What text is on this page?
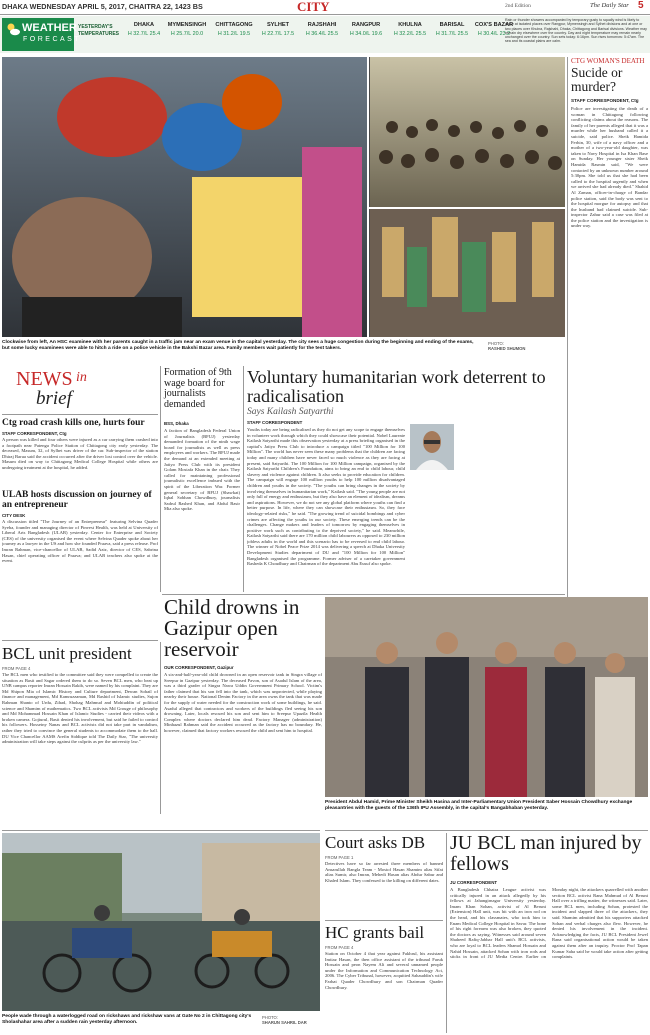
DHAKA WEDNESDAY APRIL 5, 2017, CHAITRA 22, 1423 BS	CITY	2nd Edition	The Daily Star 5
WEATHER
FORECAST
YESTERDAY'S TEMPERATURES
DHAKA
H 32.7/L 25.4
MYMENSINGH
H 25.7/L 20.0
CHITTAGONG
H 31.2/L 19.5
SYLHET
H 22.7/L 17.5
RAJSHAHI
H 36.4/L 25.5
RANGPUR
H 34.0/L 19.6
KHULNA
H 32.2/L 25.5
BARISAL
H 31.7/L 25.5
COX'S BAZAR
H 30.4/L 23.2
Rain or thunder showers accompanied by temporary gusty to squally wind is likely to occur at isolated places over Rangpur, Mymensingh and Sylhet divisions and at one or two places over Khulna, Rajshahi, Dhaka, Chittagong and Barisal divisions. Weather may remain dry elsewhere over the country. Day and night temperature may remain nearly unchanged over the country. Sun sets today: 6:16pm. Sun rises tomorrow: 5:47am. The sea and its coastal plains are calm.
Clockwise from left, An HSC examinee with her parents caught in a traffic jam near an exam venue in the capital yesterday. The city sees a huge congestion during the beginning and ending of the exams, but some lucky examinees were able to hitch a ride on a police vehicle in the Bakshi Bazar area. Family members wait patiently for the test takers.
PHOTO:
RASHED SHUMON
CTG WOMAN'S DEATH
Sucide or murder?
STAFF CORRESPONDENT, Ctg
Police are investigating the death of a woman in Chittagong following conflicting claims about the reasons. The family of her parents alleged that it was a murder while her husband called it a suicide, said police. Sheik Hamida Ferhin, 30, wife of a navy officer and a mother of a two-year-old daughter, was taken to Navy Hospital in Isa Khan Base on Sunday. Her younger sister Sheik Hamida Rasmin said, "We were contacted by an unknown number around 5:30pm. She told us that she had been called to the hospital urgently and when we arrived she had already died." Shahid Al Zaman, officer-in-charge of Bandar police station, said the body was sent to the hospital morgue for autopsy and that the husband had claimed suicide. Sub-inspector Zahur said a case was filed at the police station and the investigation is under way.
NEWS in
brief
Ctg road crash kills one, hurts four
STAFF CORRESPONDENT, Ctg
A person was killed and four others were injured as a car carrying them crashed into a footpath near Patenga Police Station of Chittagong city early yesterday. The deceased, Masum, 32, of Sylhet was driver of the car. Sub-inspector of the station Dhiraj Barua said the accident occurred after the driver lost control over the vehicle. Masum died on way to Chittagong Medical College Hospital while others are undergoing treatment at the hospital, he added.
ULAB hosts discussion on journey of an entrepreneur
CITY DESK
A discussion titled "The Journey of an Entrepreneur" featuring Selvina Quader Syeba, founder and managing director of Pinvest Health, was held at University of Liberal Arts Bangladesh (ULAB) yesterday. Center for Enterprise and Society (CES) of the university organised the event where Selvina Quader spoke about her journey as a lawyer in the US and how she founded Praava, said a press release. Prof Imran Rahman, vice-chancellor of ULAB, Sadid Aziz, director of CES, Sabrina Hasan, chief operating officer of Praava; and ULAB teachers also spoke at the event.
Formation of 9th wage board for journalists demanded
BSS, Dhaka
A faction of Bangladesh Federal Union of Journalists (BFUJ) yesterday demanded formation of the ninth wage board for journalists as well as press employees and workers. The BFUJ made the demand at an extended meeting at Jatiyo Press Club with its president Golam Mostafa Khan in the chair. They called for maintaining professional journalistic excellence imbued with the spirit of the Liberation War. Former general secretary of BFUJ (Shawkat) Iqbal Sobhan Chowdhury, journalists Sadrul Rashed Khan, and Abdul Basir Mia also spoke.
Voluntary humanitarian work deterrent to radicalisation
Says Kailash Satyarthi
STAFF CORRESPONDENT
Youths today are being radicalised as they do not get any scope to engage themselves in volunteer work through which they could showcase their potential. Nobel Laureate Kailash Satyarthi made this observation yesterday at a press briefing organised in the capital's Jatiyo Press Club to introduce a campaign titled "100 Million for 100 Million". The world has never seen these many problems that the children are facing today and many children have never faced so much violence as they are facing at present, said Satyarthi. The 100 Million for 100 Million campaign, organised by the Kailash Satyarthi Children's Foundation, aims to bring an end to child labour, child slavery and violence against children. It also seeks to provide education for children. The campaign will engage 100 million youths to help 100 million disadvantaged children and youths in the society. "The youths can bring changes in the society by involving themselves in humanitarian work," Kailash said. "The young people are not only full of energy and enthusiasm, but they also have an element of idealism, dreams and aspirations. However, we do not see any global platform where youths can find a better purpose. In life, where they can showcase their enthusiasm. So, they face ideology-related risks," he said. "The growing trend of suicidal bombings and cyber crimes are affecting the youths in our society. These emerging trends can be the challenges. Change makers and leaders of tomorrow by engaging themselves in positive work such as contributing to the deprived society," he said. Meanwhile, Kailash Satyarthi said there are 170 million child labourers as opposed to 230 million jobless adults in the world and this scenario has to be reversed to end child labour. The winner of Nobel Peace Prize 2014 was delivering a speech at Dhaka University Development Studies department of DU and "100 Million for 100 Million" Bangladesh organised the programme. Former adviser of a caretaker government Rasheda K Choudhury and Chairman of the department Abu Eusuf also spoke.
Child drowns in Gazipur open reservoir
OUR CORRESPONDENT, Gazipur
A six-and-half-year-old child drowned in an open reservoir tank in Singra village of Sreepur in Gazipur yesterday. The deceased Pavon, son of Asadul Islam of the area, was a third grader of Singra Nawa Uddin Government Primary School. Victim's father claimed that his son fell into the tank, which was unprotected, while playing nearby their house. National Denim Factory in the area owns the tank that was made for the supply of water needed for the construction work of some buildings, he said. Asadul alleged that contractors and workers of the buildings fled seeing his son drowning. Later, locals rescued his son and sent him to Sreepur Upazila Health Complex where doctors declared him dead. Factory Manager (administration) Minhazul Rahman said the accident occurred as the factory has no boundary. He, however, claimed that factory workers rescued the child and sent him to hospital.
BCL unit president
FROM PAGE 4
The BCL men who testified to the committee said they were compelled to create the situation as Basit and Sagar ordered them to do so. Seven BCL men, who beat up UNB campus reporter Imran Hossain Rakib, were named by his complaint. They are Md Shipon Mia of Islamic History and Culture department, Dewan Sohail of finance and management, Md Kamruzzaman, Md Rashid of Islamic studies, Sujon Rahman Shanto of Urdu, Zihad, Shohag Mahmud and Mohiuddin of political science and Shamim of mathematics. Two BCL activists Md Grouge of philosophy and Md Mohammad Hossain Khan of Islamic Studies - carried their videos with a broken camera. Gojiurul, Basit denied his involvement, but said he failed to control his followers. Hosseiny Nanas and BCL activists did not take part in vandalism, rather they tried to convince the general students to accommodate them to the hall. DU Vice Chancellor AAMS Arefin Siddique told The Daily Star, "The university administration will take steps against the culprits as per the university law."
President Abdul Hamid, Prime Minister Sheikh Hasina and Inter-Parliamentary Union President Saber Hossain Chowdhury exchange pleasantries with the guests of the 136th IPU Assembly, in the capital's Bangabhaban yesterday.
People wade through a waterlogged road on rickshaws and rickshaw vans at Gate No 2 in Chittagong city's Sholashahar area after a sudden rain yesterday afternoon.
PHOTO:
SHARUN SAHRIL DAR
Court asks DB
FROM PAGE 1
Detectives have so far arrested three members of banned Ansarullah Bangla Team - Mostof Hasan Shamim alias Sifat alias Sumir, also Imran, Mehedi Hasan alias Abdur Sabur and Khaled Islam. They confessed to the killing on different dates.
HC grants bail
FROM PAGE 4
Station on October 4 that year against Fakhrul, his assistant Imtiaz Hasan, the then office assistant of the tribunal Faruk Hossain and peon Nayem Ali and several unnamed people under the Information and Communication Technology Act, 2006. The Cyber Tribunal, however, acquitted Sahauddin's wife Farhat Quader Chowdhury and son Chairman Quader Chowdhury.
JU BCL man injured by fellows
JU CORRESPONDENT
A Bangladesh Chhatra League activist was critically injured in an attack allegedly by his fellows at Jahangirnagar University yesterday. Imam Khan Sohan, activist of Al Beruni (Extension) Hall unit, was hit with an iron rod on the head, and his classmates, who took him to Enam Medical College Hospital in Savar. The bone of his right forearm was also broken, they quoted the doctors as saying. Witnesses said around seven Shaheed Rafiq-Jabbar Hall unit's BCL activists, who are loyal to BCL leaders Shamol Hossain and Nahid Hossain, attacked Sohan with iron rods and sticks in front of JU Media Centre. Earlier on Monday night, the attackers quarrelled with another section BCL activist Rana Mahmud of Al Beruni Hall over a trifling matter, the witnesses said. Later, some BCL men, including Sohan, protested the incident and slapped three of the attackers, they said. Shamim admitted that his supporters attacked Sohan and verbal charges also flew. However, he denied his involvement in the incident. Acknowledging the facts, JU BCL President Jewel Rana said organisational action would be taken against them after an inquiry. Proctor Prof Tapan Kumar Saha said he would take action after getting complaints.
